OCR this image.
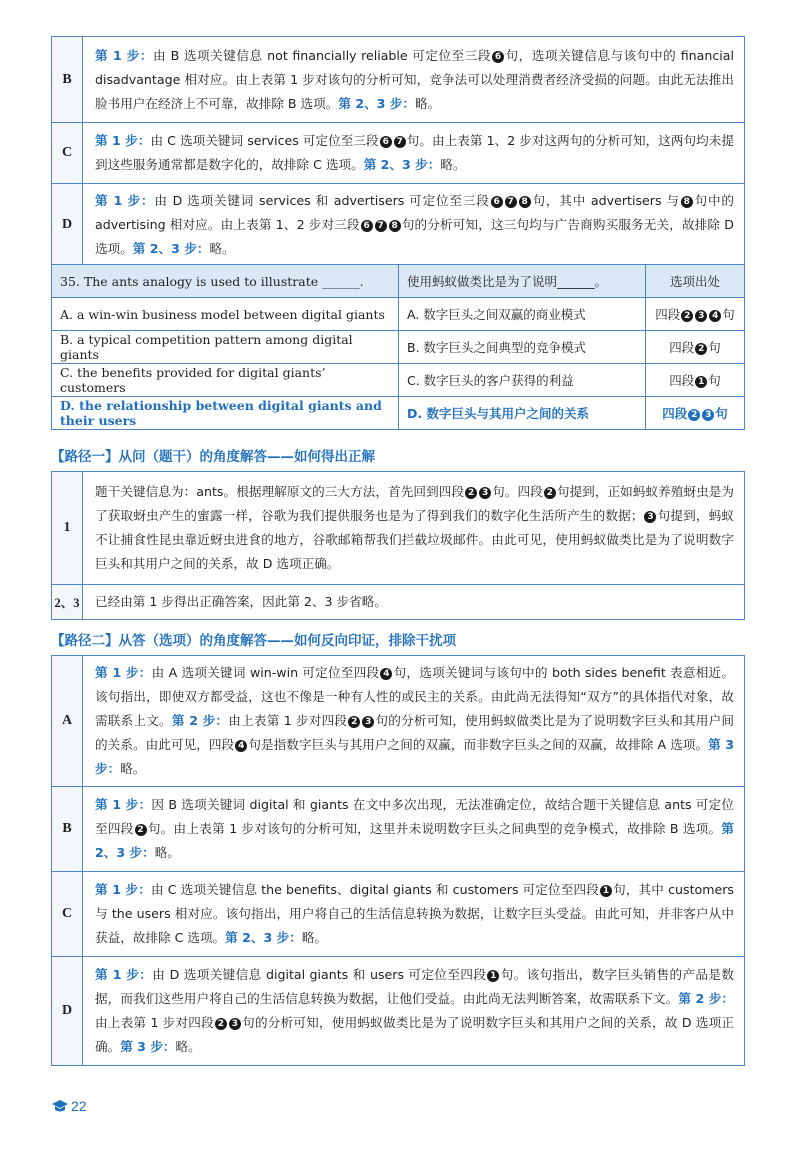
B	第 1 步：由 B 选项关键信息 not financially reliable 可定位至三段 6 句，选项关键信息与该句中的 financial disadvantage 相对应。由上表第 1 步对该句的分析可知，竞争法可以处理消费者经济受损的问题。由此无法推出脸书用户在经济上不可靠，故排除 B 选项。第 2、3 步：略。
C	第 1 步：由 C 选项关键词 services 可定位至三段 6 7 句。由上表第 1、2 步对这两句的分析可知，这两句均未提到这些服务通常都是数字化的，故排除 C 选项。第 2、3 步：略。
D	第 1 步：由 D 选项关键词 services 和 advertisers 可定位至三段 6 7 8 句，其中 advertisers 与 8 句中的 advertising 相对应。由上表第 1、2 步对三段 6 7 8 句的分析可知，这三句均与广告商购买服务无关，故排除 D 选项。第 2、3 步：略。
35. The ants analogy is used to illustrate ______.	使用蚂蚁做类比是为了说明______。	选项出处
A. a win-win business model between digital giants	A. 数字巨头之间双赢的商业模式	四段 2 3 4 句
B. a typical competition pattern among digital giants	B. 数字巨头之间典型的竞争模式	四段 2 句
C. the benefits provided for digital giants’ customers	C. 数字巨头的客户获得的利益	四段 1 句
D. the relationship between digital giants and their users	D. 数字巨头与其用户之间的关系	四段 2 3 句
【路径一】从问（题干）的角度解答——如何得出正解
1	题干关键信息为：ants。根据理解原文的三大方法，首先回到四段 2 3 句。四段 2 句提到，正如蚂蚁养殖蚜虫是为了获取蚜虫产生的蜜露一样，谷歌为我们提供服务也是为了得到我们的数字化生活所产生的数据； 3 句提到，蚂蚁不让捕食性昆虫靠近蚜虫进食的地方，谷歌邮箱帮我们拦截垃圾邮件。由此可见，使用蚂蚁做类比是为了说明数字巨头和其用户之间的关系，故 D 选项正确。
2、3	已经由第 1 步得出正确答案，因此第 2、3 步省略。
【路径二】从答（选项）的角度解答——如何反向印证，排除干扰项
A	第 1 步：由 A 选项关键词 win-win 可定位至四段 4 句，选项关键词与该句中的 both sides benefit 表意相近。该句指出，即使双方都受益，这也不像是一种有人性的或民主的关系。由此尚无法得知“双方”的具体指代对象，故需联系上文。第 2 步：由上表第 1 步对四段 2 3 句的分析可知，使用蚂蚁做类比是为了说明数字巨头和其用户间的关系。由此可见，四段 4 句是指数字巨头与其用户之间的双赢，而非数字巨头之间的双赢，故排除 A 选项。第 3 步：略。
B	第 1 步：因 B 选项关键词 digital 和 giants 在文中多次出现，无法准确定位，故结合题干关键信息 ants 可定位至四段 2 句。由上表第 1 步对该句的分析可知，这里并未说明数字巨头之间典型的竞争模式，故排除 B 选项。第 2、3 步：略。
C	第 1 步：由 C 选项关键信息 the benefits、digital giants 和 customers 可定位至四段 1 句，其中 customers 与 the users 相对应。该句指出，用户将自己的生活信息转换为数据，让数字巨头受益。由此可知，并非客户从中获益，故排除 C 选项。第 2、3 步：略。
D	第 1 步：由 D 选项关键信息 digital giants 和 users 可定位至四段 1 句。该句指出，数字巨头销售的产品是数据，而我们这些用户将自己的生活信息转换为数据，让他们受益。由此尚无法判断答案，故需联系下文。第 2 步：由上表第 1 步对四段 2 3 句的分析可知，使用蚂蚁做类比是为了说明数字巨头和其用户之间的关系，故 D 选项正确。第 3 步：略。
22
